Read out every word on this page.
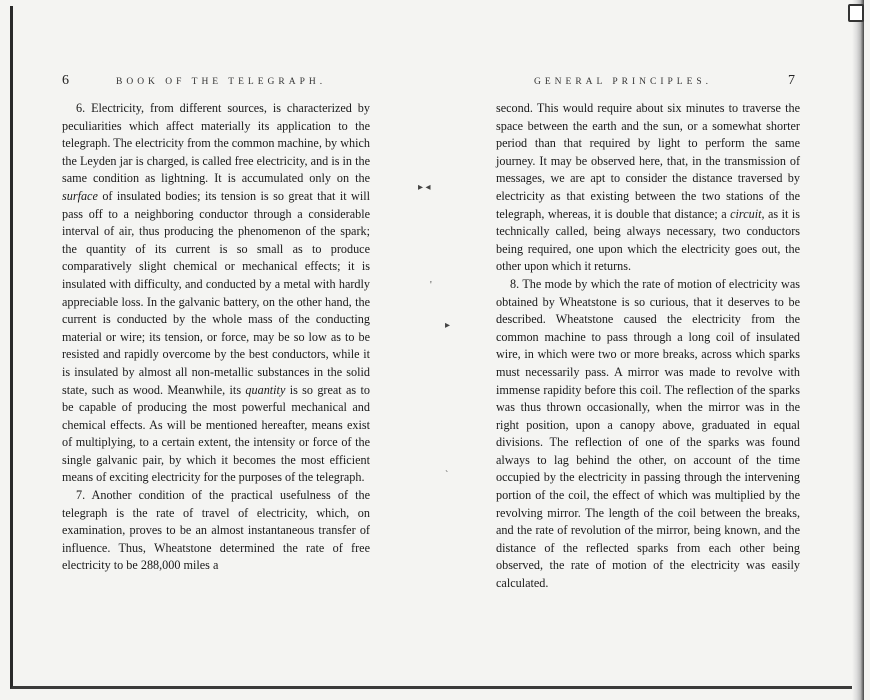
6	BOOK OF THE TELEGRAPH.

6. Electricity, from different sources, is characterized by peculiarities which affect materially its application to the telegraph. The electricity from the common machine, by which the Leyden jar is charged, is called free electricity, and is in the same condition as lightning. It is accumulated only on the surface of insulated bodies; its tension is so great that it will pass off to a neighboring conductor through a considerable interval of air, thus producing the phenomenon of the spark; the quantity of its current is so small as to produce comparatively slight chemical or mechanical effects; it is insulated with difficulty, and conducted by a metal with hardly appreciable loss. In the galvanic battery, on the other hand, the current is conducted by the whole mass of the conducting material or wire; its tension, or force, may be so low as to be resisted and rapidly overcome by the best conductors, while it is insulated by almost all non-metallic substances in the solid state, such as wood. Meanwhile, its quantity is so great as to be capable of producing the most powerful mechanical and chemical effects. As will be mentioned hereafter, means exist of multiplying, to a certain extent, the intensity or force of the single galvanic pair, by which it becomes the most efficient means of exciting electricity for the purposes of the telegraph.

7. Another condition of the practical usefulness of the telegraph is the rate of travel of electricity, which, on examination, proves to be an almost instantaneous transfer of influence. Thus, Wheatstone determined the rate of free electricity to be 288,000 miles a

▸ ◂
'
▸
ˋ
GENERAL PRINCIPLES.	7

second. This would require about six minutes to traverse the space between the earth and the sun, or a somewhat shorter period than that required by light to perform the same journey. It may be observed here, that, in the transmission of messages, we are apt to consider the distance traversed by electricity as that existing between the two stations of the telegraph, whereas, it is double that distance; a circuit, as it is technically called, being always necessary, two conductors being required, one upon which the electricity goes out, the other upon which it returns.

8. The mode by which the rate of motion of electricity was obtained by Wheatstone is so curious, that it deserves to be described. Wheatstone caused the electricity from the common machine to pass through a long coil of insulated wire, in which were two or more breaks, across which sparks must necessarily pass. A mirror was made to revolve with immense rapidity before this coil. The reflection of the sparks was thus thrown occasionally, when the mirror was in the right position, upon a canopy above, graduated in equal divisions. The reflection of one of the sparks was found always to lag behind the other, on account of the time occupied by the electricity in passing through the intervening portion of the coil, the effect of which was multiplied by the revolving mirror. The length of the coil between the breaks, and the rate of revolution of the mirror, being known, and the distance of the reflected sparks from each other being observed, the rate of motion of the electricity was easily calculated.
